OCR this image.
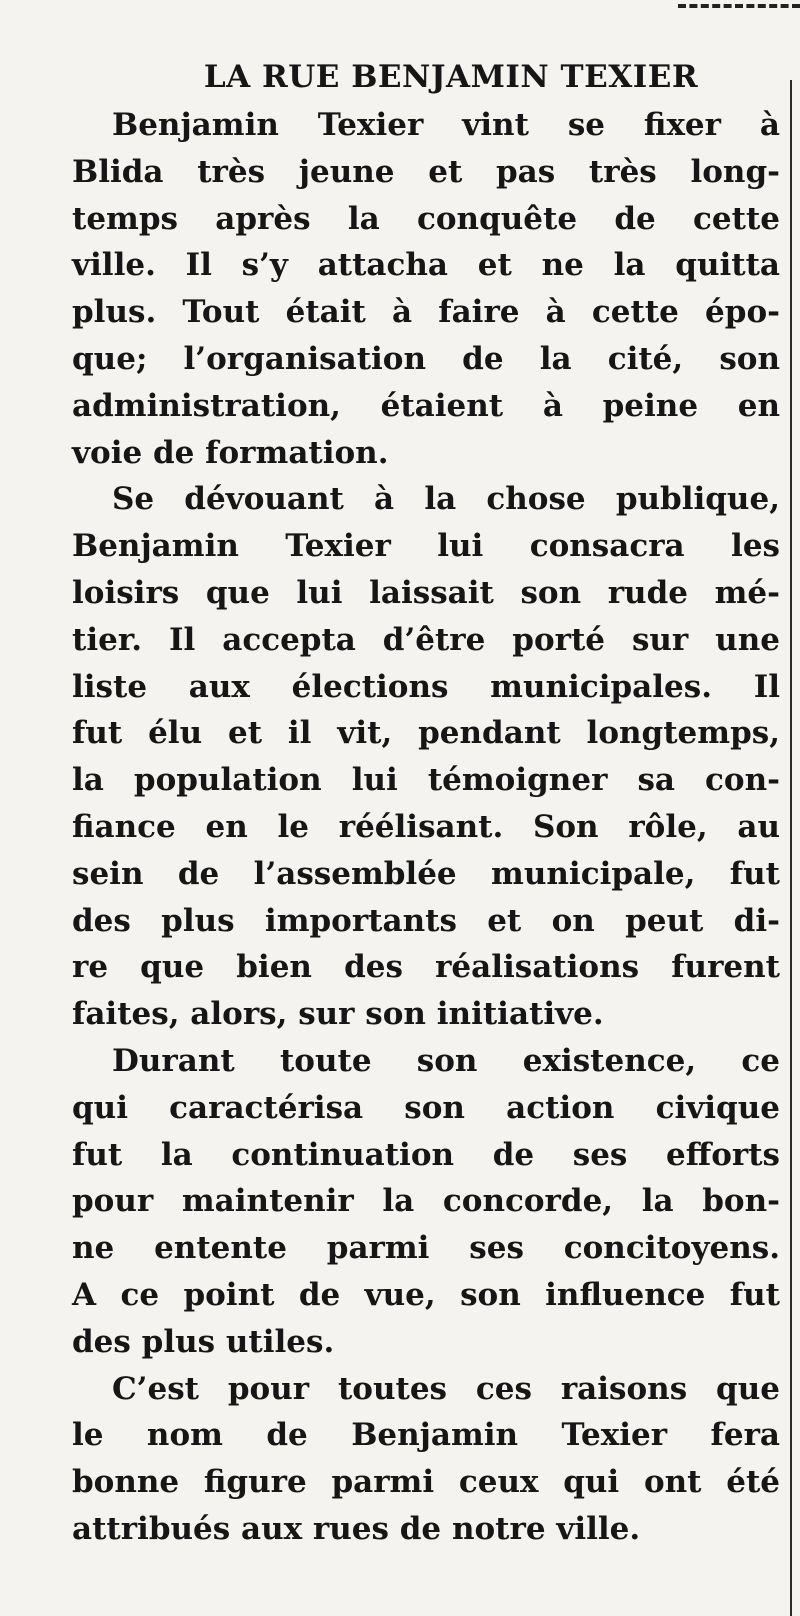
LA RUE BENJAMIN TEXIER

Benjamin Texier vint se fixer à
Blida très jeune et pas très long-
temps après la conquête de cette
ville. Il s’y attacha et ne la quitta
plus. Tout était à faire à cette épo-
que; l’organisation de la cité, son
administration, étaient à peine en
voie de formation.

Se dévouant à la chose publique,
Benjamin Texier lui consacra les
loisirs que lui laissait son rude mé-
tier. Il accepta d’être porté sur une
liste aux élections municipales. Il
fut élu et il vit, pendant longtemps,
la population lui témoigner sa con-
fiance en le réélisant. Son rôle, au
sein de l’assemblée municipale, fut
des plus importants et on peut di-
re que bien des réalisations furent
faites, alors, sur son initiative.

Durant toute son existence, ce
qui caractérisa son action civique
fut la continuation de ses efforts
pour maintenir la concorde, la bon-
ne entente parmi ses concitoyens.
A ce point de vue, son influence fut
des plus utiles.

C’est pour toutes ces raisons que
le nom de Benjamin Texier fera
bonne figure parmi ceux qui ont été
attribués aux rues de notre ville.
